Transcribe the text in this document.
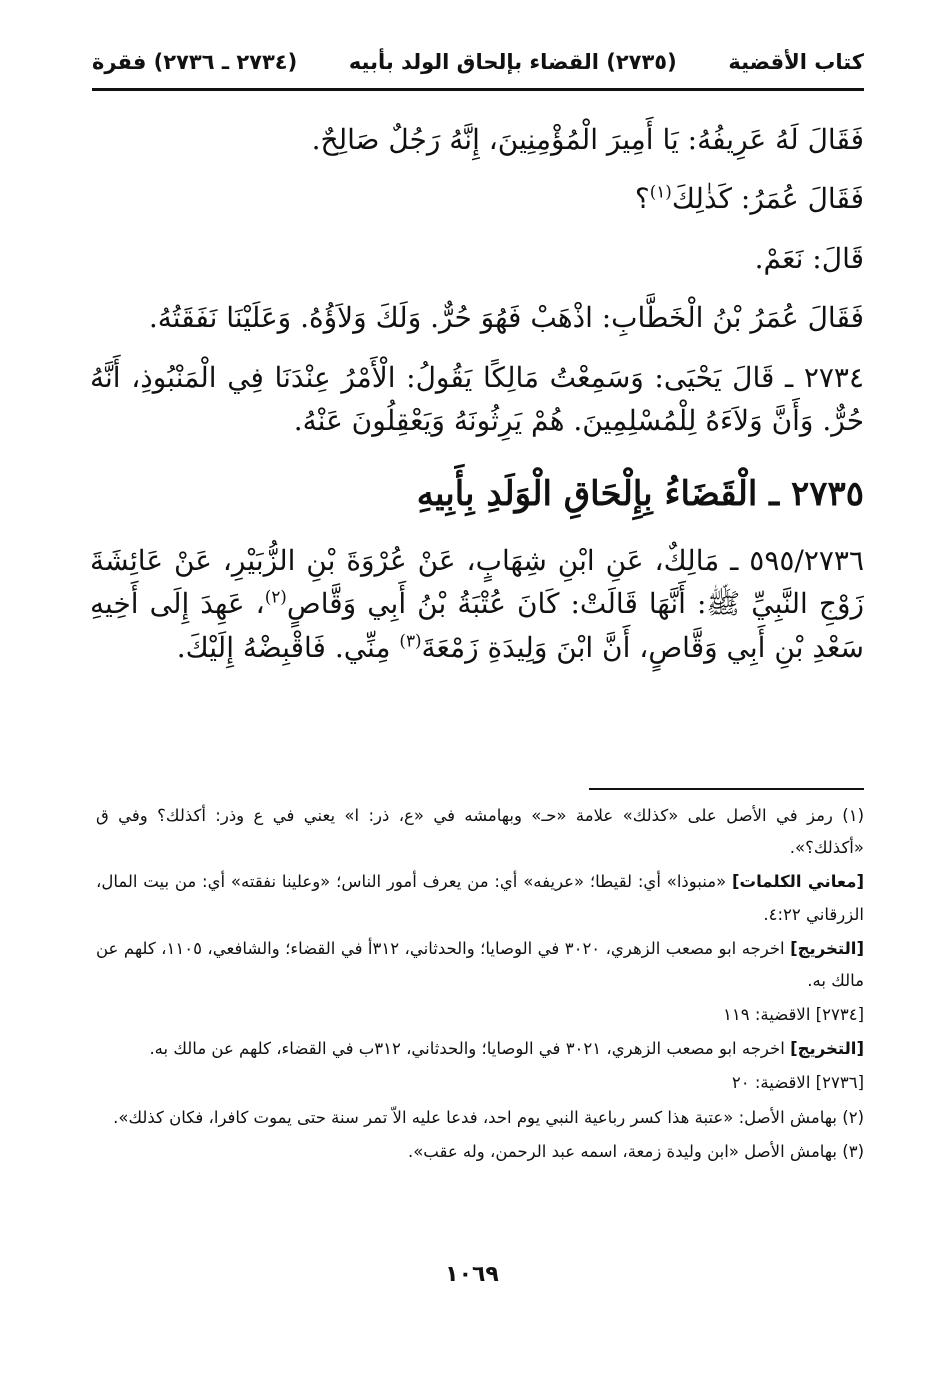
كتاب الأقضية
(٢٧٣٥) القضاء بإلحاق الولد بأبيه
(٢٧٣٤ ـ ٢٧٣٦) فقرة

فَقَالَ لَهُ عَرِيفُهُ: يَا أَمِيرَ الْمُؤْمِنِينَ، إِنَّهُ رَجُلٌ صَالِحٌ.

فَقَالَ عُمَرُ: كَذٰلِكَ$^{(١)}$؟

قَالَ: نَعَمْ.

فَقَالَ عُمَرُ بْنُ الْخَطَّابِ: اذْهَبْ فَهُوَ حُرٌّ. وَلَكَ وَلاَؤُهُ. وَعَلَيْنَا نَفَقَتُهُ.

٢٧٣٤ ـ قَالَ يَحْيَى: وَسَمِعْتُ مَالِكًا يَقُولُ: الْأَمْرُ عِنْدَنَا فِي الْمَنْبُوذِ، أَنَّهُ حُرٌّ. وَأَنَّ وَلاَءَهُ لِلْمُسْلِمِينَ. هُمْ يَرِثُونَهُ وَيَعْقِلُونَ عَنْهُ.

٢٧٣٥ ـ الْقَضَاءُ بِإِلْحَاقِ الْوَلَدِ بِأَبِيهِ

٥٩٥/٢٧٣٦ ـ مَالِكٌ، عَنِ ابْنِ شِهَابٍ، عَنْ عُرْوَةَ بْنِ الزُّبَيْرِ، عَنْ عَائِشَةَ زَوْجِ النَّبِيِّ ﷺ: أَنَّهَا قَالَتْ: كَانَ عُتْبَةُ بْنُ أَبِي وَقَّاصٍ$^{(٢)}$، عَهِدَ إِلَى أَخِيهِ سَعْدِ بْنِ أَبِي وَقَّاصٍ، أَنَّ ابْنَ وَلِيدَةِ زَمْعَةَ$^{(٣)}$ مِنِّي. فَاقْبِضْهُ إِلَيْكَ.

(١) رمز في الأصل على «كذلك» علامة «حـ» وبهامشه في «ع، ذر: ا» يعني في ع وذر: أكذلك؟ وفي ق «أكذلك؟».

[معاني الكلمات] «منبوذا» أي: لقيطا؛ «عريفه» أي: من يعرف أمور الناس؛ «وعلينا نفقته» أي: من بيت المال، الزرقاني ٤:٢٢.

[التخريج] اخرجه ابو مصعب الزهري، ٣٠٢٠ في الوصايا؛ والحدثاني، ٣١٢أ في القضاء؛ والشافعي، ١١٠٥، كلهم عن مالك به.

[٢٧٣٤] الاقضية: ١١٩

[التخريج] اخرجه ابو مصعب الزهري، ٣٠٢١ في الوصايا؛ والحدثاني، ٣١٢ب في القضاء، كلهم عن مالك به.

[٢٧٣٦] الاقضية: ٢٠

(٢) بهامش الأصل: «عتبة هذا كسر رباعية النبي يوم احد، فدعا عليه الاّ تمر سنة حتى يموت كافرا، فكان كذلك».

(٣) بهامش الأصل «ابن وليدة زمعة، اسمه عبد الرحمن، وله عقب».

١٠٦٩
